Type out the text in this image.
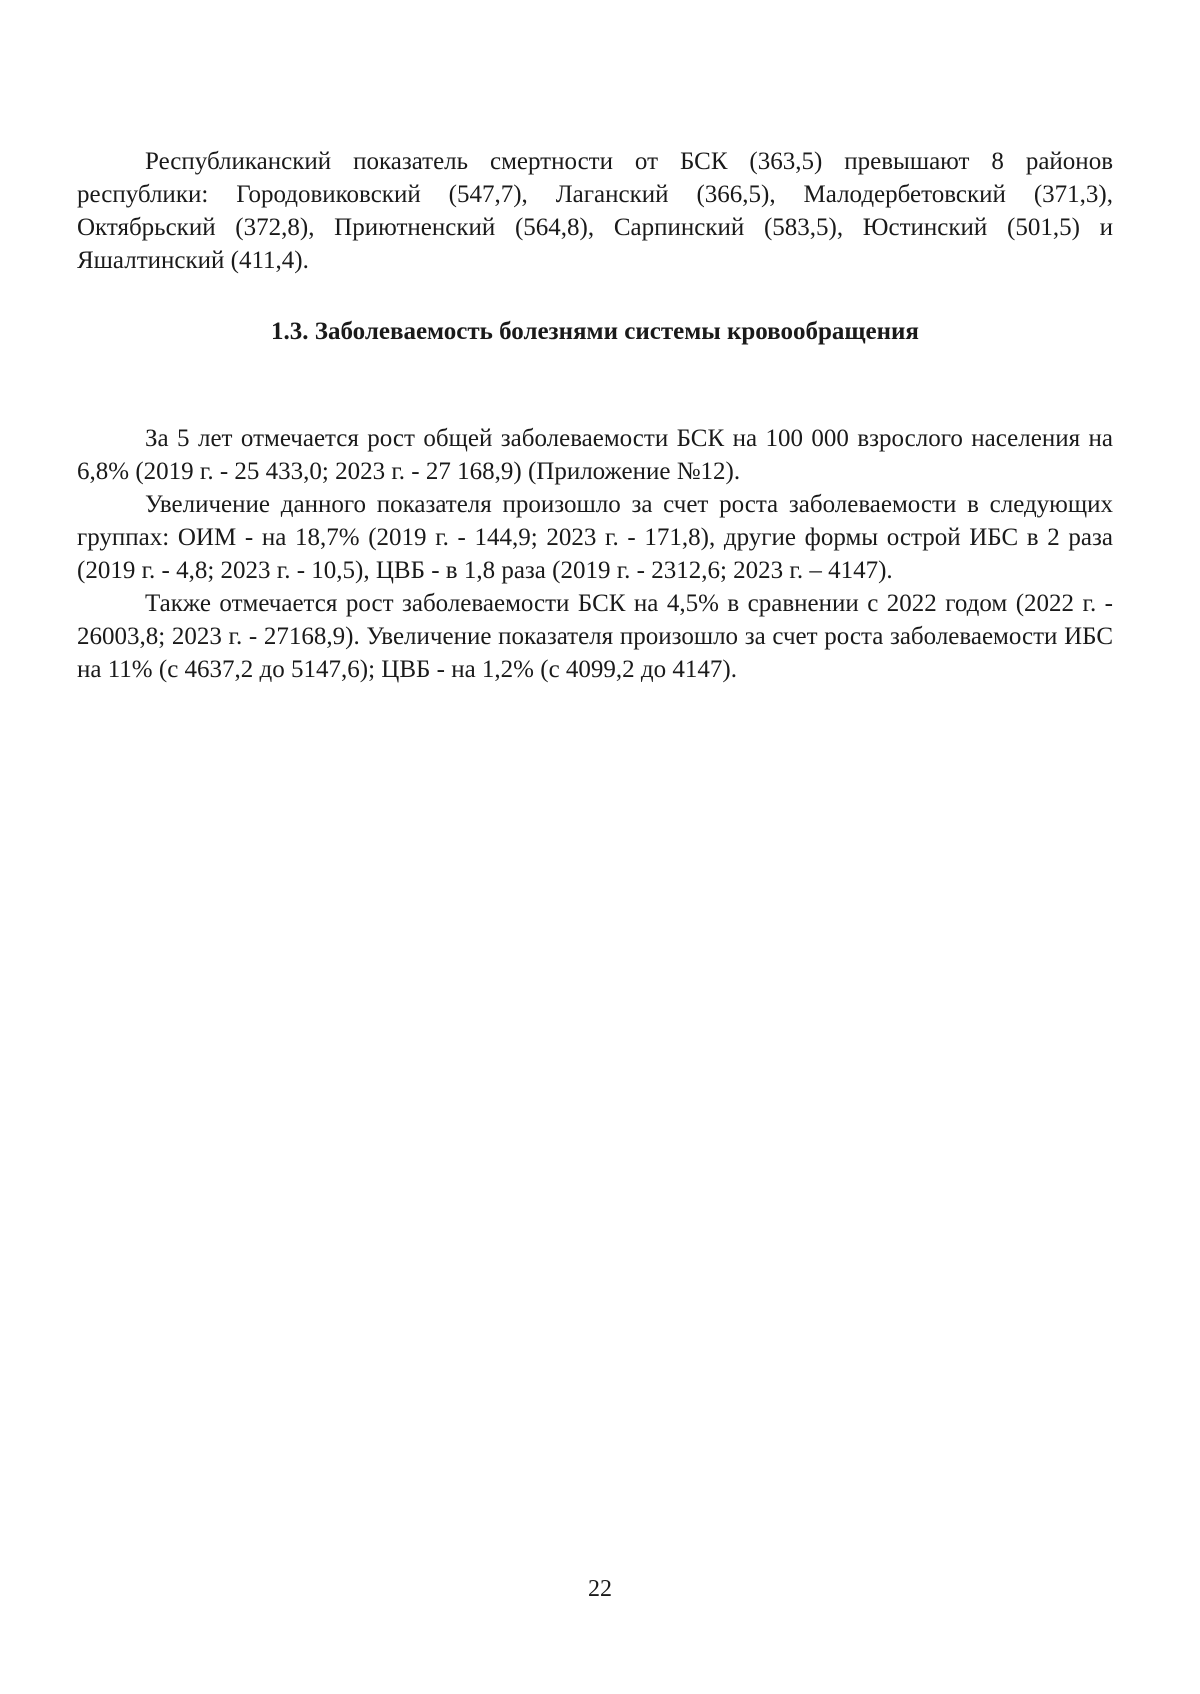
Республиканский показатель смертности от БСК (363,5) превышают 8 районов республики: Городовиковский (547,7), Лаганский (366,5), Малодербетовский (371,3), Октябрьский (372,8), Приютненский (564,8), Сарпинский (583,5), Юстинский (501,5) и Яшалтинский (411,4).

1.3. Заболеваемость болезнями системы кровообращения

За 5 лет отмечается рост общей заболеваемости БСК на 100 000 взрослого населения на 6,8% (2019 г. - 25 433,0; 2023 г. - 27 168,9) (Приложение №12).

Увеличение данного показателя произошло за счет роста заболеваемости в следующих группах: ОИМ - на 18,7% (2019 г. - 144,9; 2023 г. - 171,8), другие формы острой ИБС в 2 раза (2019 г. - 4,8; 2023 г. - 10,5), ЦВБ - в 1,8 раза (2019 г. - 2312,6; 2023 г. – 4147).

Также отмечается рост заболеваемости БСК на 4,5% в сравнении с 2022 годом (2022 г. - 26003,8; 2023 г. - 27168,9). Увеличение показателя произошло за счет роста заболеваемости ИБС на 11% (с 4637,2 до 5147,6); ЦВБ - на 1,2% (с 4099,2 до 4147).

22
